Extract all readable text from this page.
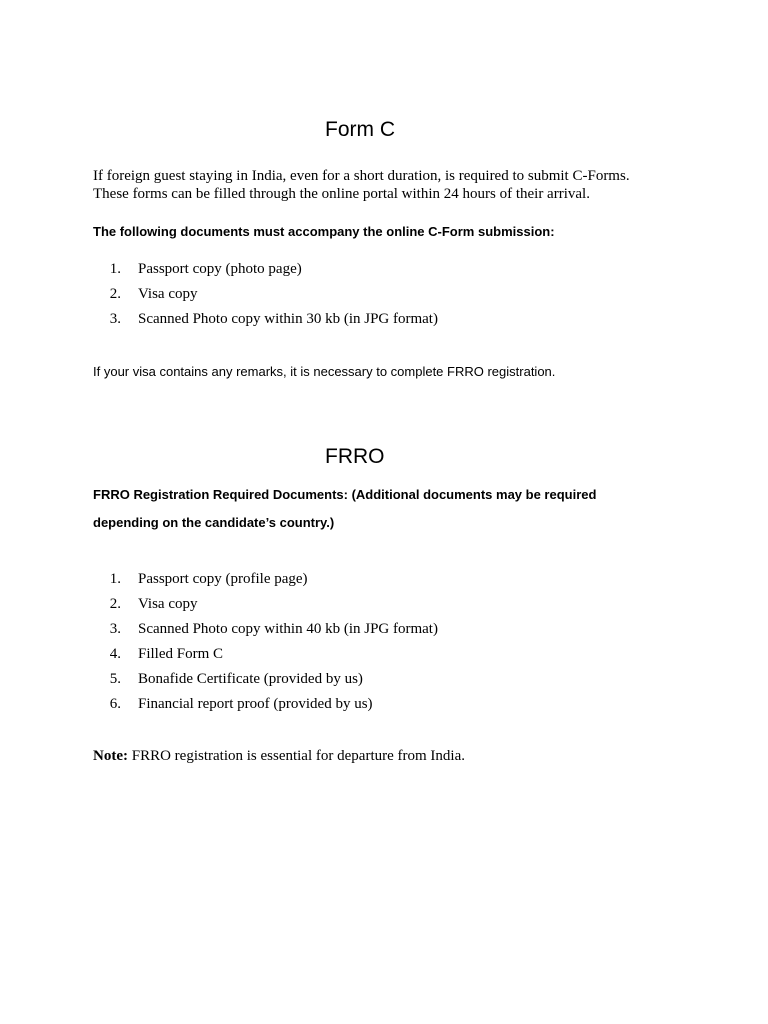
Form C

If foreign guest staying in India, even for a short duration, is required to submit C-Forms.

These forms can be filled through the online portal within 24 hours of their arrival.

The following documents must accompany the online C-Form submission:

1. Passport copy (photo page)
2. Visa copy
3. Scanned Photo copy within 30 kb (in JPG format)

If your visa contains any remarks, it is necessary to complete FRRO registration.

FRRO

FRRO Registration Required Documents: (Additional documents may be required

depending on the candidate’s country.)

1. Passport copy (profile page)
2. Visa copy
3. Scanned Photo copy within 40 kb (in JPG format)
4. Filled Form C
5. Bonafide Certificate (provided by us)
6. Financial report proof (provided by us)

Note: FRRO registration is essential for departure from India.
